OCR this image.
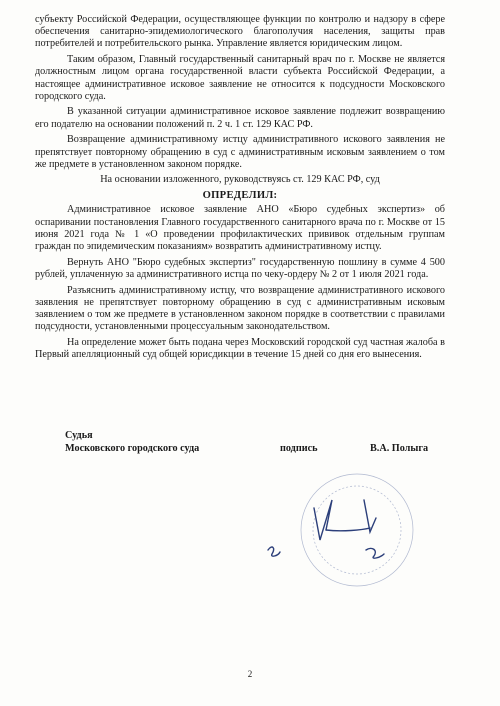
субъекту Российской Федерации, осуществляющее функции по контролю и надзору в сфере обеспечения санитарно-эпидемиологического благополучия населения, защиты прав потребителей и потребительского рынка. Управление является юридическим лицом.

Таким образом, Главный государственный санитарный врач по г. Москве не является должностным лицом органа государственной власти субъекта Российской Федерации, а настоящее административное исковое заявление не относится к подсудности Московского городского суда.

В указанной ситуации административное исковое заявление подлежит возвращению его подателю на основании положений п. 2 ч. 1 ст. 129 КАС РФ.

Возвращение административному истцу административного искового заявления не препятствует повторному обращению в суд с административным исковым заявлением о том же предмете в установленном законом порядке.

На основании изложенного, руководствуясь ст. 129 КАС РФ, суд

ОПРЕДЕЛИЛ:

Административное исковое заявление АНО «Бюро судебных экспертиз» об оспаривании постановления Главного государственного санитарного врача по г. Москве от 15 июня 2021 года № 1 «О проведении профилактических прививок отдельным группам граждан по эпидемическим показаниям» возвратить административному истцу.

Вернуть АНО "Бюро судебных экспертиз" государственную пошлину в сумме 4 500 рублей, уплаченную за административного истца по чеку-ордеру № 2 от 1 июля 2021 года.

Разъяснить административному истцу, что возвращение административного искового заявления не препятствует повторному обращению в суд с административным исковым заявлением о том же предмете в установленном законом порядке в соответствии с правилами подсудности, установленными процессуальным законодательством.

На определение может быть подана через Московский городской суд частная жалоба в Первый апелляционный суд общей юрисдикции в течение 15 дней со дня его вынесения.

Судья
Московского городского суда	подпись	В.А. Полыга
2
